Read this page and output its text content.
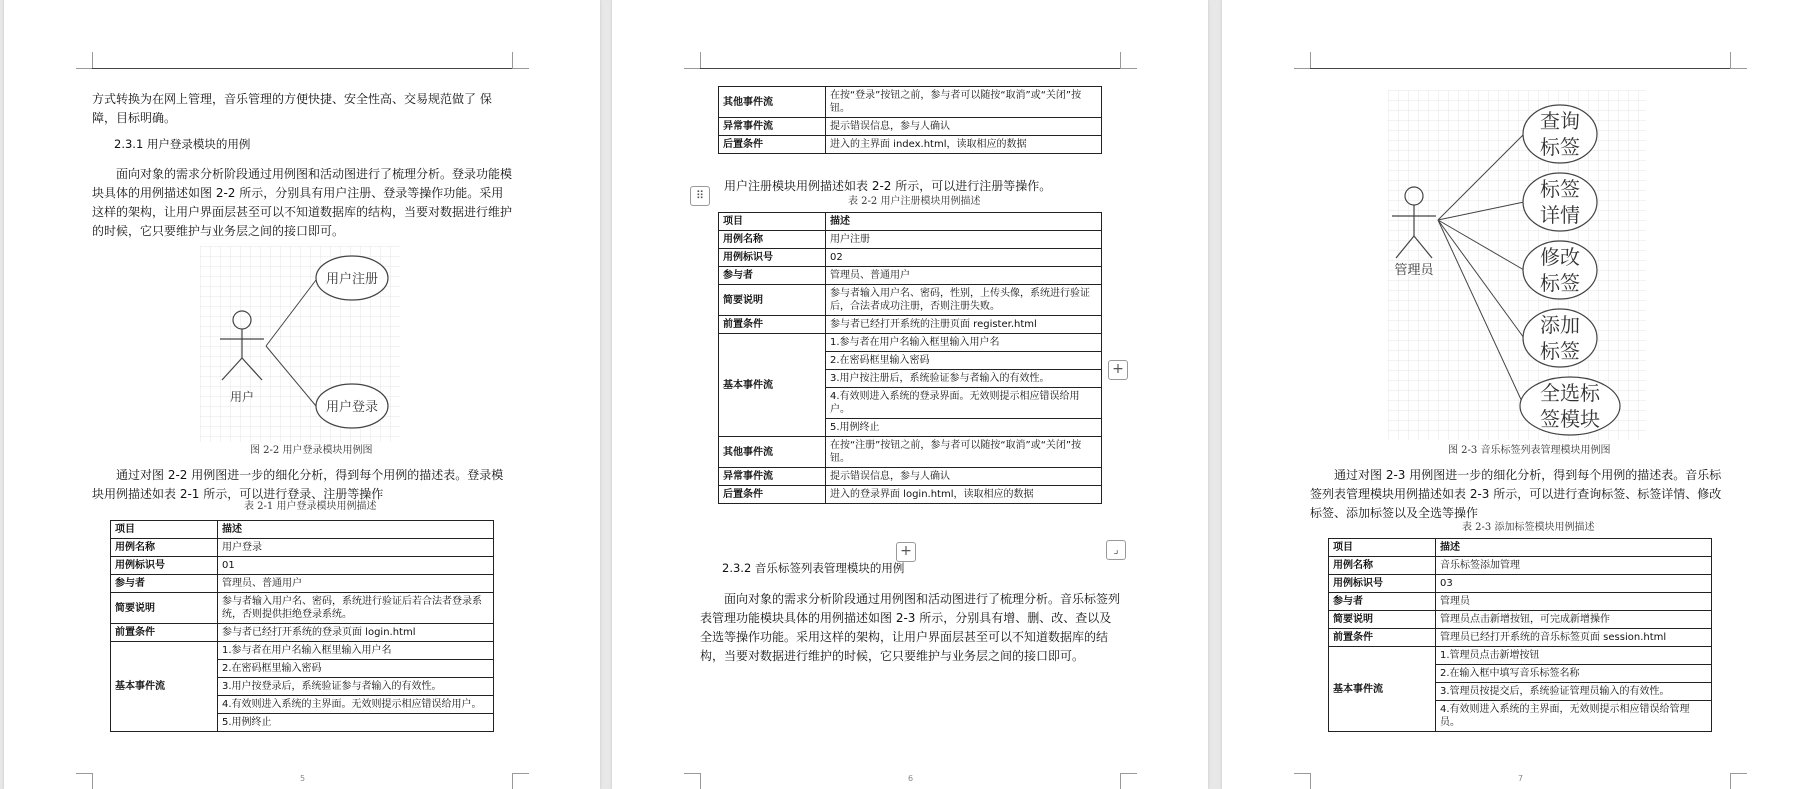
方式转换为在网上管理，音乐管理的方便快捷、安全性高、交易规范做了 保障，目标明确。

2.3.1 用户登录模块的用例

面向对象的需求分析阶段通过用例图和活动图进行了梳理分析。登录功能模块具体的用例描述如图 2-2 所示，分别具有用户注册、登录等操作功能。采用这样的架构，让用户界面层甚至可以不知道数据库的结构，当要对数据进行维护的时候，它只要维护与业务层之间的接口即可。

用户
用户注册
用户登录
图 2-2 用户登录模块用例图

通过对图 2-2 用例图进一步的细化分析，得到每个用例的描述表。登录模块用例描述如表 2-1 所示，可以进行登录、注册等操作

表 2-1 用户登录模块用例描述
项目	描述
用例名称	用户登录
用例标识号	01
参与者	管理员、普通用户
简要说明	参与者输入用户名、密码，系统进行验证后若合法者登录系统，否则提供拒绝登录系统。
前置条件	参与者已经打开系统的登录页面 login.html
基本事件流	1.参与者在用户名输入框里输入用户名
	2.在密码框里输入密码
	3.用户按登录后，系统验证参与者输入的有效性。
	4.有效则进入系统的主界面。无效则提示相应错误给用户。
	5.用例终止
5
其他事件流	在按“登录”按钮之前，参与者可以随按“取消”或“关闭”按钮。
异常事件流	提示错误信息，参与人确认
后置条件	进入的主界面 index.html，读取相应的数据
⠿

用户注册模块用例描述如表 2-2 所示，可以进行注册等操作。

表 2-2 用户注册模块用例描述
项目	描述
用例名称	用户注册
用例标识号	02
参与者	管理员、普通用户
简要说明	参与者输入用户名、密码，性别，上传头像，系统进行验证后，合法者成功注册，否则注册失败。
前置条件	参与者已经打开系统的注册页面 register.html
基本事件流	1.参与者在用户名输入框里输入用户名
	2.在密码框里输入密码
	3.用户按注册后，系统验证参与者输入的有效性。
	4.有效则进入系统的登录界面。无效则提示相应错误给用户。
	5.用例终止
其他事件流	在按“注册”按钮之前，参与者可以随按“取消”或“关闭”按钮。
异常事件流	提示错误信息，参与人确认
后置条件	进入的登录界面 login.html，读取相应的数据
+
+	⌟
2.3.2 音乐标签列表管理模块的用例

面向对象的需求分析阶段通过用例图和活动图进行了梳理分析。音乐标签列表管理功能模块具体的用例描述如图 2-3 所示，分别具有增、删、改、查以及全选等操作功能。采用这样的架构，让用户界面层甚至可以不知道数据库的结构，当要对数据进行维护的时候，它只要维护与业务层之间的接口即可。

6
管理员
查询
标签
标签
详情
修改
标签
添加
标签
全选标
签模块
图 2-3 音乐标签列表管理模块用例图

通过对图 2-3 用例图进一步的细化分析，得到每个用例的描述表。音乐标签列表管理模块用例描述如表 2-3 所示，可以进行查询标签、标签详情、修改标签、添加标签以及全选等操作

表 2-3 添加标签模块用例描述
项目	描述
用例名称	音乐标签添加管理
用例标识号	03
参与者	管理员
简要说明	管理员点击新增按钮，可完成新增操作
前置条件	管理员已经打开系统的音乐标签页面 session.html
基本事件流	1.管理员点击新增按钮
	2.在输入框中填写音乐标签名称
	3.管理员按提交后，系统验证管理员输入的有效性。
	4.有效则进入系统的主界面，无效则提示相应错误给管理员。
7
